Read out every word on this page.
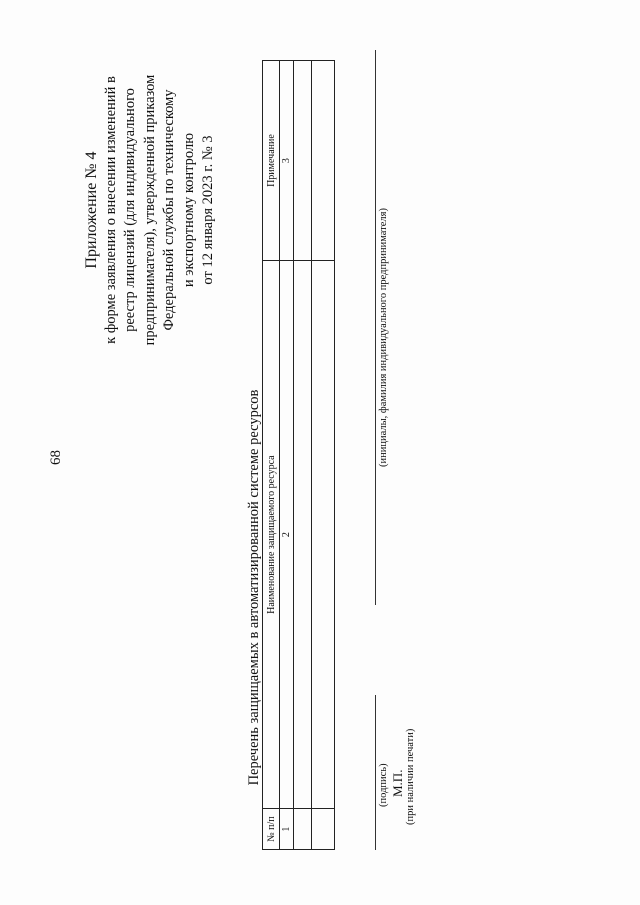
68
Приложение № 4 к форме заявления о внесении изменений в реестр лицензий (для индивидуального предпринимателя), утвержденной приказом Федеральной службы по техническому и экспортному контролю от 12 января 2023 г. № 3
Перечень защищаемых в автоматизированной системе ресурсов
№ п/п	Наименование защищаемого ресурса	Примечание
1	2	3

(подпись)
(инициалы, фамилия индивидуального предпринимателя)
М.П. (при наличии печати)
